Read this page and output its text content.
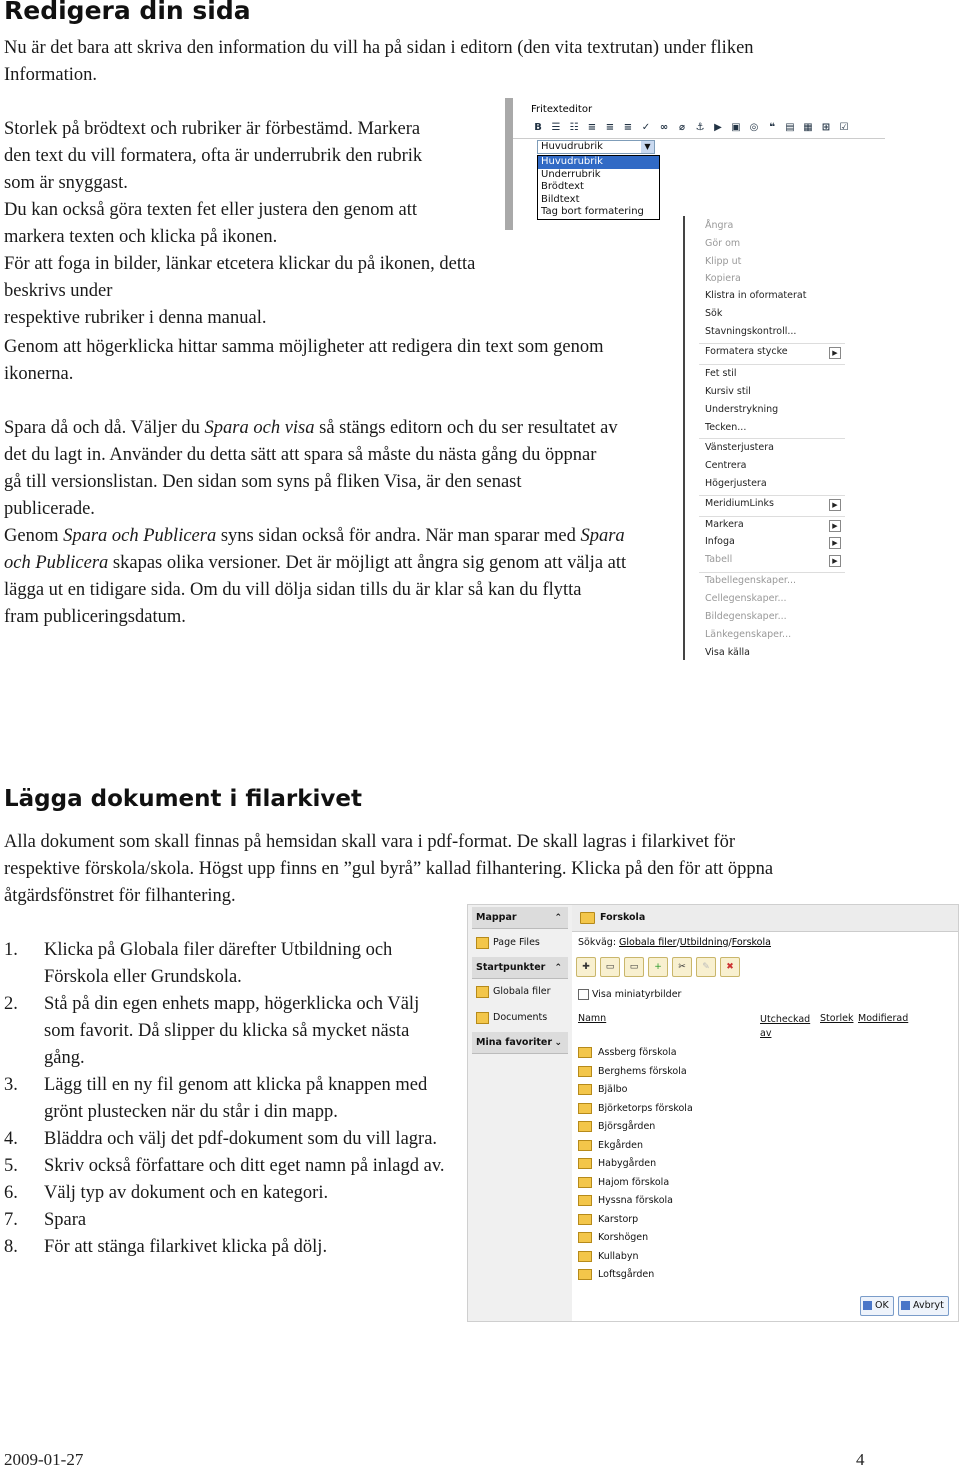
Redigera din sida

Nu är det bara att skriva den information du vill ha på sidan i editorn (den vita textrutan) under fliken
Information.

Storlek på brödtext och rubriker är förbestämd. Markera
den text du vill formatera, ofta är underrubrik den rubrik
som är snyggast.
Du kan också göra texten fet eller justera den genom att
markera texten och klicka på ikonen.
För att foga in bilder, länkar etcetera klickar du på ikonen, detta beskrivs under
respektive rubriker i denna manual.

Genom att högerklicka hittar samma möjligheter att redigera din text som genom
ikonerna.

Spara då och då. Väljer du Spara och visa så stängs editorn och du ser resultatet av
det du lagt in. Använder du detta sätt att spara så måste du nästa gång du öppnar
gå till versionslistan. Den sidan som syns på fliken Visa, är den senast
publicerade.
Genom Spara och Publicera syns sidan också för andra. När man sparar med Spara
och Publicera skapas olika versioner. Det är möjligt att ångra sig genom att välja att
lägga ut en tidigare sida. Om du vill dölja sidan tills du är klar så kan du flytta
fram publiceringsdatum.

Fritexteditor
B ☰ ☷ ≡ ≡ ≡ ✓ ∞	⌀	⚓ ▶ ▣ ◎	❝	▤ ▦ ⊞ ☑
Huvudrubrik	▼
Huvudrubrik
Underrubrik
Brödtext
Bildtext
Tag bort formatering
Ångra
Gör om
Klipp ut
Kopiera
Klistra in oformaterat
Sök
Stavningskontroll...
Formatera stycke	▶
Fet stil
Kursiv stil
Understrykning
Tecken...
Vänsterjustera
Centrera
Högerjustera
MeridiumLinks	▶
Markera	▶
Infoga	▶
Tabell	▶
Tabellegenskaper...
Cellegenskaper...
Bildegenskaper...
Länkegenskaper...
Visa källa
Lägga dokument i filarkivet

Alla dokument som skall finnas på hemsidan skall vara i pdf-format. De skall lagras i filarkivet för
respektive förskola/skola. Högst upp finns en ”gul byrå” kallad filhantering. Klicka på den för att öppna
åtgärdsfönstret för filhantering.

1. Klicka på Globala filer därefter Utbildning och Förskola eller Grundskola.
2. Stå på din egen enhets mapp, högerklicka och Välj som favorit. Då slipper du klicka så mycket nästa gång.
3. Lägg till en ny fil genom att klicka på knappen med grönt plustecken när du står i din mapp.
4. Bläddra och välj det pdf-dokument som du vill lagra.
5. Skriv också författare och ditt eget namn på inlagd av.
6. Välj typ av dokument och en kategori.
7. Spara
8. För att stänga filarkivet klicka på dölj.
Mappar	⌃
Page Files
Startpunkter ⌃
Globala filer
Documents
Mina favoriter ⌄
Forskola
Sökväg: Globala filer/Utbildning/Forskola
✚	▭	▭	+	✂	✎	✖
Visa miniatyrbilder
Namn	Utcheckad av
Storlek Modifierad
Assberg förskola
Berghems förskola
Bjälbo
Björketorps förskola
Björsgården
Ekgården
Habygården
Hajom förskola
Hyssna förskola
Karstorp
Korshögen
Kullabyn
Loftsgården
OK	Avbryt
2009-01-27	4
